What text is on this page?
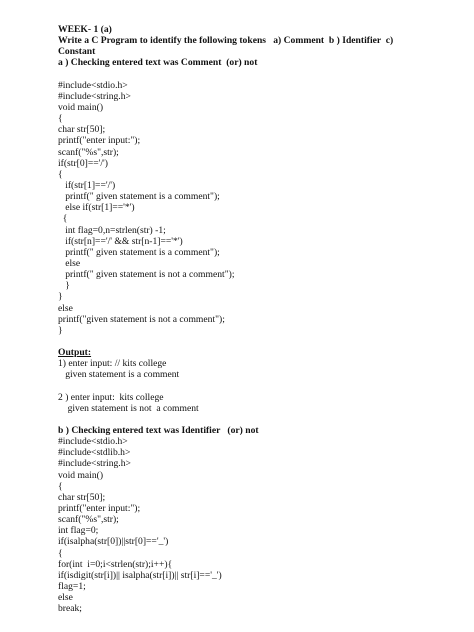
WEEK- 1 (a)
Write a C Program to identify the following tokens   a) Comment  b ) Identifier  c)
Constant
a ) Checking entered text was Comment  (or) not
#include<stdio.h>
#include<string.h>
void main()
{
char str[50];
printf("enter input:");
scanf("%s",str);
if(str[0]=='/')
{
if(str[1]=='/')
printf(" given statement is a comment");
else if(str[1]=='*')
{
int flag=0,n=strlen(str) -1;
if(str[n]=='/' && str[n-1]=='*')
printf(" given statement is a comment");
else
printf(" given statement is not a comment");
}
}
else
printf("given statement is not a comment");
}
Output:
1) enter input: // kits college
given statement is a comment
2 ) enter input:  kits college
given statement is not  a comment
b ) Checking entered text was Identifier   (or) not
#include<stdio.h>
#include<stdlib.h>
#include<string.h>
void main()
{
char str[50];
printf("enter input:");
scanf("%s",str);
int flag=0;
if(isalpha(str[0])||str[0]=='_')
{
for(int  i=0;i<strlen(str);i++){
if(isdigit(str[i])|| isalpha(str[i])|| str[i]=='_')
flag=1;
else
break;
